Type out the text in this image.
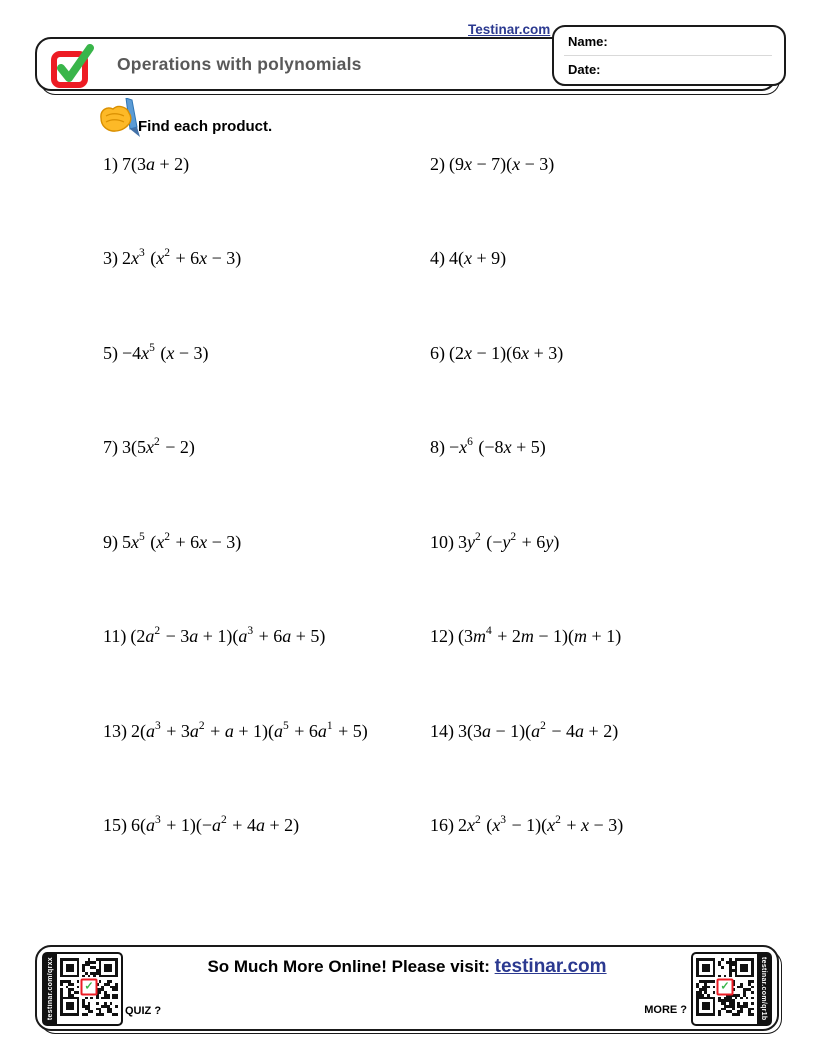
Testinar.com
Operations with polynomials
Name:
Date:
Find each product.
1) 7(3a + 2)	2) (9x − 7)(x − 3)
3) $2x^3$ $(x^2 + 6x - 3)$	4) 4(x + 9)
$5) -4x^5$ (x − 3)	6) (2x − 1)(6x + 3)
7) $3(5x^2 - 2)$	$8) -x^6$ (−8x + 5)
9) $5x^5$ $(x^2 + 6x - 3)$	10) $3y^2$ $(-y^2 + 6y)$
11) $(2a^2 - 3a + 1)(a^3 + 6a + 5)$	12) $(3m^4 + 2m - 1)(m + 1)$
13) $2(a^3 + 3a^2 + a + 1)(a^5 + 6a^1 + 5)$	14) $3(3a - 1)(a^2 - 4a + 2)$
15) $6(a^3 + 1)(-a^2 + 4a + 2)$	16) $2x^2$ $(x^3 - 1)(x^2 + x - 3)$
testinar.com/qrxx	✓
QUIZ ?
So Much More Online! Please visit: testinar.com
MORE ?
✓	testinar.com/qr1b
